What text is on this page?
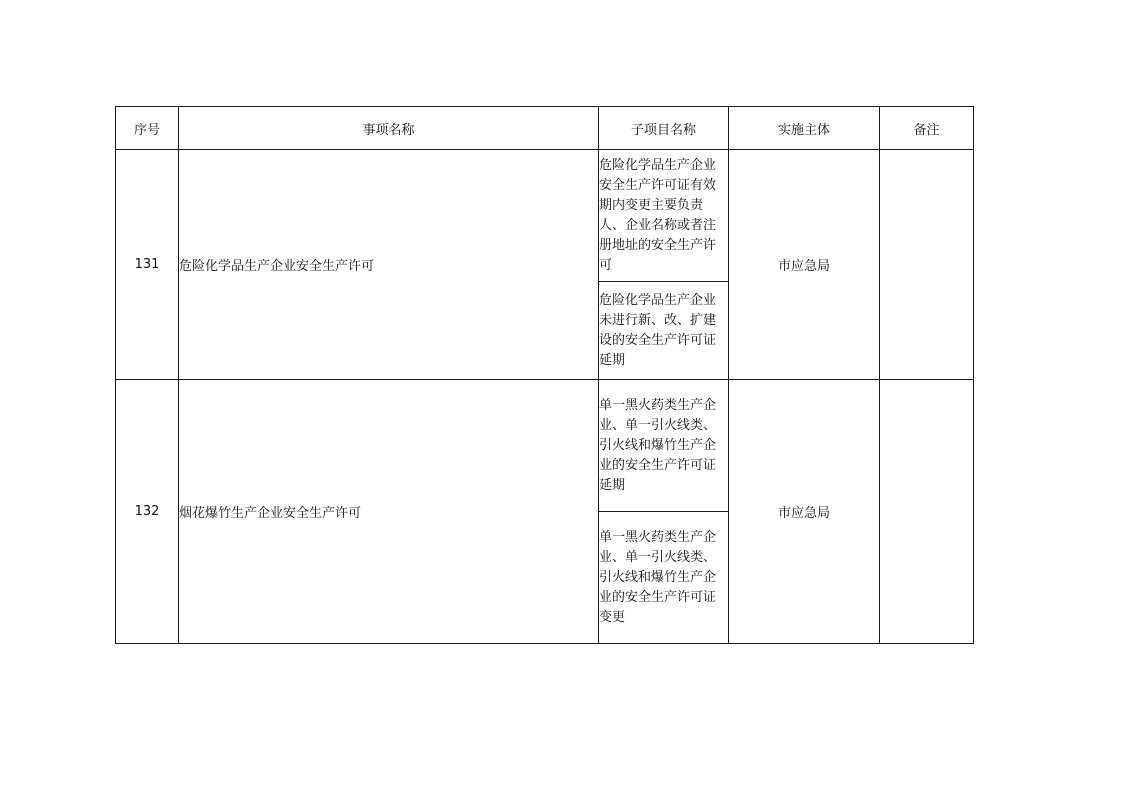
序号	事项名称	子项目名称	实施主体	备注
131	危险化学品生产企业安全生产许可	危险化学品生产企业安全生产许可证有效期内变更主要负责人、企业名称或者注册地址的安全生产许可	市应急局	

		危险化学品生产企业未进行新、改、扩建设的安全生产许可证延期		

132	烟花爆竹生产企业安全生产许可	单一黑火药类生产企业、单一引火线类、引火线和爆竹生产企业的安全生产许可证延期	市应急局	

		单一黑火药类生产企业、单一引火线类、引火线和爆竹生产企业的安全生产许可证变更		
